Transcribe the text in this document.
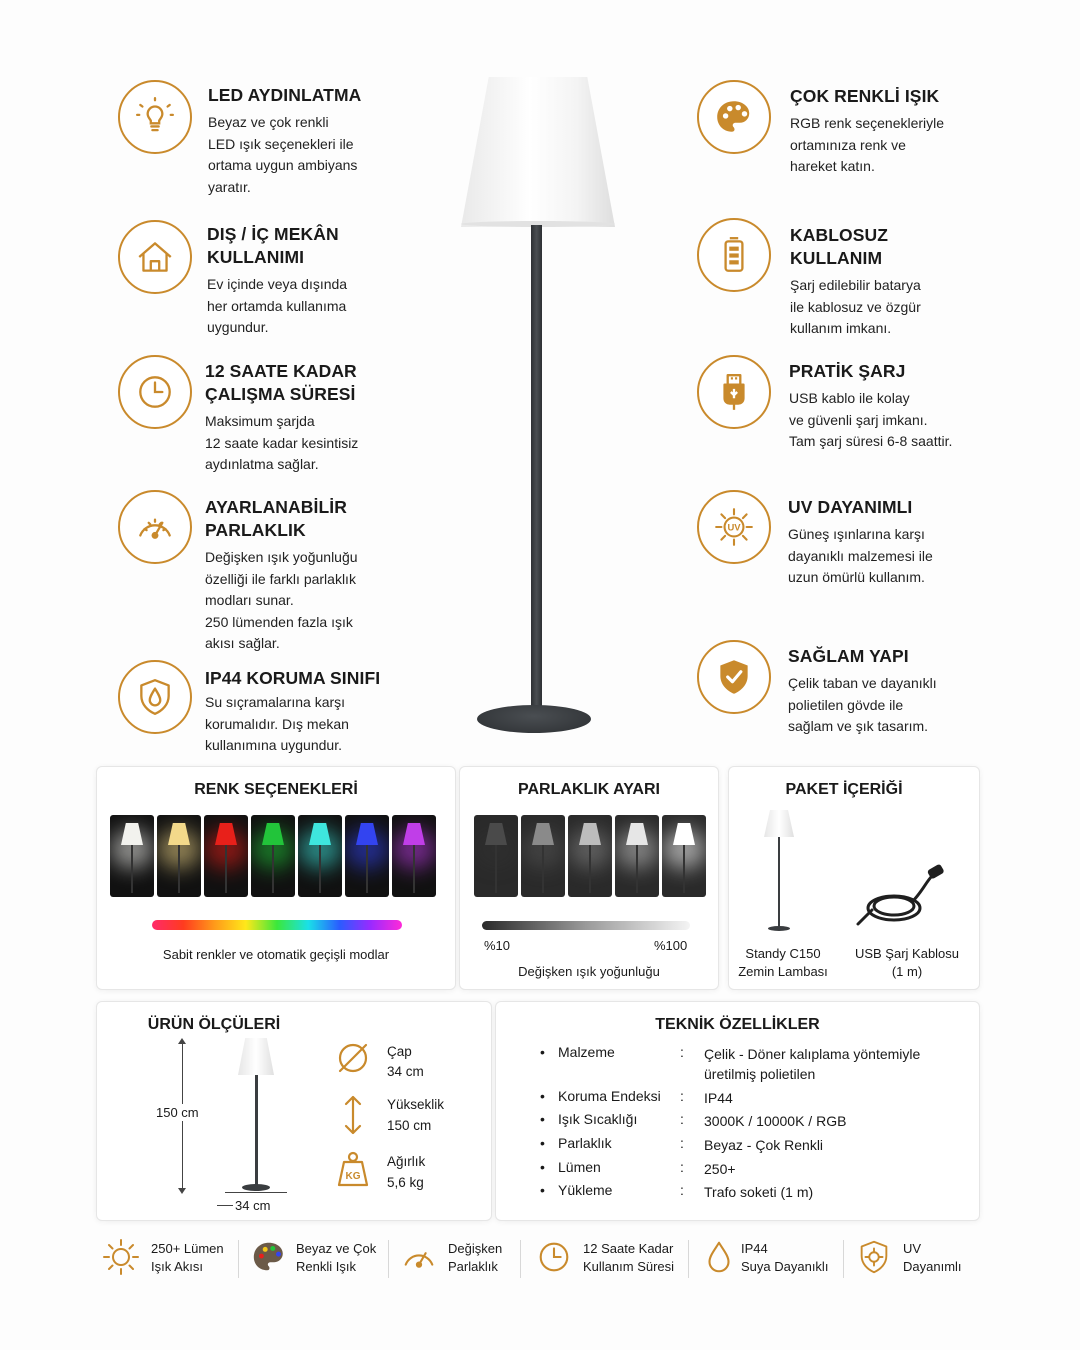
LED AYDINLATMA

Beyaz ve çok renkli
LED ışık seçenekleri ile
ortama uygun ambiyans
yaratır.

DIŞ / İÇ MEKÂN
KULLANIMI

Ev içinde veya dışında
her ortamda kullanıma
uygundur.

12 SAATE KADAR
ÇALIŞMA SÜRESİ

Maksimum şarjda
12 saate kadar kesintisiz
aydınlatma sağlar.

AYARLANABİLİR
PARLAKLIK

Değişken ışık yoğunluğu
özelliği ile farklı parlaklık
modları sunar.
250 lümenden fazla ışık
akısı sağlar.

IP44 KORUMA SINIFI

Su sıçramalarına karşı
korumalıdır. Dış mekan
kullanımına uygundur.

ÇOK RENKLİ IŞIK

RGB renk seçenekleriyle
ortamınıza renk ve
hareket katın.

KABLOSUZ
KULLANIM

Şarj edilebilir batarya
ile kablosuz ve özgür
kullanım imkanı.

PRATİK ŞARJ

USB kablo ile kolay
ve güvenli şarj imkanı.
Tam şarj süresi 6-8 saattir.

UV
UV DAYANIMLI

Güneş ışınlarına karşı
dayanıklı malzemesi ile
uzun ömürlü kullanım.

SAĞLAM YAPI

Çelik taban ve dayanıklı
polietilen gövde ile
sağlam ve şık tasarım.

RENK SEÇENEKLERİ
Sabit renkler ve otomatik geçişli modlar
PARLAKLIK AYARI
%10	%100
Değişken ışık yoğunluğu
PAKET İÇERİĞİ
Standy C150
Zemin Lambası
USB Şarj Kablosu
(1 m)
ÜRÜN ÖLÇÜLERİ
150 cm
34 cm
Çap
34 cm
Yükseklik
150 cm
KG
Ağırlık
5,6 kg
TEKNİK ÖZELLİKLER
• Malzeme	: Çelik - Döner kalıplama yöntemiyle
üretilmiş polietilen
• Koruma Endeksi : IP44
• Işık Sıcaklığı	: 3000K / 10000K / RGB
• Parlaklık	: Beyaz - Çok Renkli
• Lümen	: 250+
• Yükleme	: Trafo soketi (1 m)
250+ Lümen
Işık Akısı
Beyaz ve Çok
Renkli Işık
Değişken
Parlaklık
12 Saate Kadar
Kullanım Süresi
IP44
Suya Dayanıklı
UV
Dayanımlı
